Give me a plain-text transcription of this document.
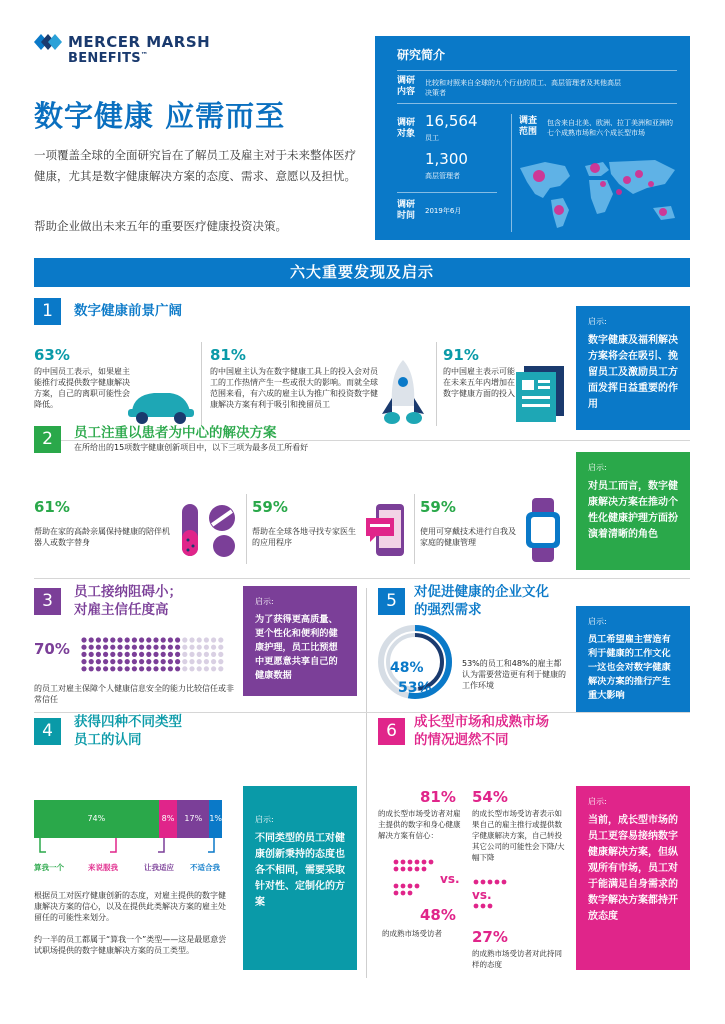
MERCER MARSH
BENEFITS™
数字健康 应需而至
一项覆盖全球的全面研究旨在了解员工及雇主对于未来整体医疗健康，尤其是数字健康解决方案的态度、需求、意愿以及担忧。
帮助企业做出未来五年的重要医疗健康投资决策。
研究简介
调研
内容
比较和对照来自全球的九个行业的员工、高层管理者及其他高层决策者
调研
对象
16,564
员工
1,300
高层管理者
调研
时间	2019年6月
调查
范围
包含来自北美、欧洲、拉丁美洲和亚洲的七个成熟市场和六个成长型市场
六大重要发现及启示
1	数字健康前景广阔
63%
的中国员工表示，如果雇主能推行或提供数字健康解决方案，自己的离职可能性会降低。
81%
的中国雇主认为在数字健康工具上的投入会对员工的工作热情产生一些或很大的影响。而就全球范围来看，有六成的雇主认为推广和投资数字健康解决方案有利于吸引和挽留员工
91%
的中国雇主表示可能在未来五年内增加在数字健康方面的投入
启示:
数字健康及福利解决方案将会在吸引、挽留员工及激励员工方面发挥日益重要的作用
2	员工注重以患者为中心的解决方案
在所给出的15项数字健康创新项目中，以下三项为最多员工所看好
61%
帮助在家的高龄亲属保持健康的陪伴机器人或数字替身
59%
帮助在全球各地寻找专家医生的应用程序
59%
使用可穿戴技术进行自我及家庭的健康管理
启示:
对员工而言，数字健康解决方案在推动个性化健康护理方面扮演着清晰的角色
3	员工接纳阻碍小；
对雇主信任度高
70%
的员工对雇主保障个人健康信息安全的能力比较信任或非常信任
启示:
为了获得更高质量、更个性化和便利的健康护理，员工比预想中更愿意共享自己的健康数据
5	对促进健康的企业文化
的强烈需求
48%
53%
53%的员工和48%的雇主都认为需要营造更有利于健康的工作环境
启示:
员工希望雇主营造有利于健康的工作文化一这也会对数字健康解决方案的推行产生重大影响
4	获得四种不同类型
员工的认同
74%	8%	17% 1%
算我一个	来说服我	让我适应 不适合我
根据员工对医疗健康创新的态度，对雇主提供的数字健康解决方案的信心，以及在提供此类解决方案的雇主处留任的可能性来划分。
约一半的员工都属于“算我一个”类型——这是最愿意尝试职场提供的数字健康解决方案的员工类型。
启示:
不同类型的员工对健康创新秉持的态度也各不相同，需要采取针对性、定制化的方案
6	成长型市场和成熟市场
的情况迥然不同
81%
的成长型市场受访者对雇主提供的数字和身心健康解决方案有信心：
vs.
48%
的成熟市场受访者
54%
的成长型市场受访者表示如果自己的雇主推行或提供数字健康解决方案，自己转投其它公司的可能性会下降/大幅下降
vs.
27%
的成熟市场受访者对此持同样的态度
启示:
当前，成长型市场的员工更容易接纳数字健康解决方案，但纵观所有市场，员工对于能满足自身需求的数字解决方案都持开放态度
